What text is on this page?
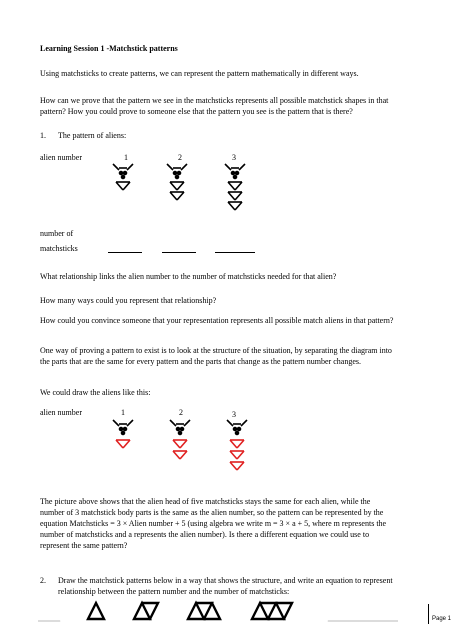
Learning Session 1 -Matchstick patterns
Using matchsticks to create patterns, we can represent the pattern mathematically in different ways.
How can we prove that the pattern we see in the matchsticks represents all possible matchstick shapes in that pattern? How you could prove to someone else that the pattern you see is the pattern that is there?
1. The pattern of aliens:
alien number	1	2	3
number of
matchsticks
What relationship links the alien number to the number of matchsticks needed for that alien?
How many ways could you represent that relationship?
How could you convince someone that your representation represents all possible match aliens in that pattern?
One way of proving a pattern to exist is to look at the structure of the situation, by separating the diagram into the parts that are the same for every pattern and the parts that change as the pattern number changes.
We could draw the aliens like this:
alien number	1	2	3
The picture above shows that the alien head of five matchsticks stays the same for each alien, while the number of 3 matchstick body parts is the same as the alien number, so the pattern can be represented by the equation Matchsticks = 3 × Alien number + 5 (using algebra we write m = 3 × a + 5, where m represents the number of matchsticks and a represents the alien number). Is there a different equation we could use to represent the same pattern?
2. Draw the matchstick patterns below in a way that shows the structure, and write an equation to represent relationship between the pattern number and the number of matchsticks:
Page 1
